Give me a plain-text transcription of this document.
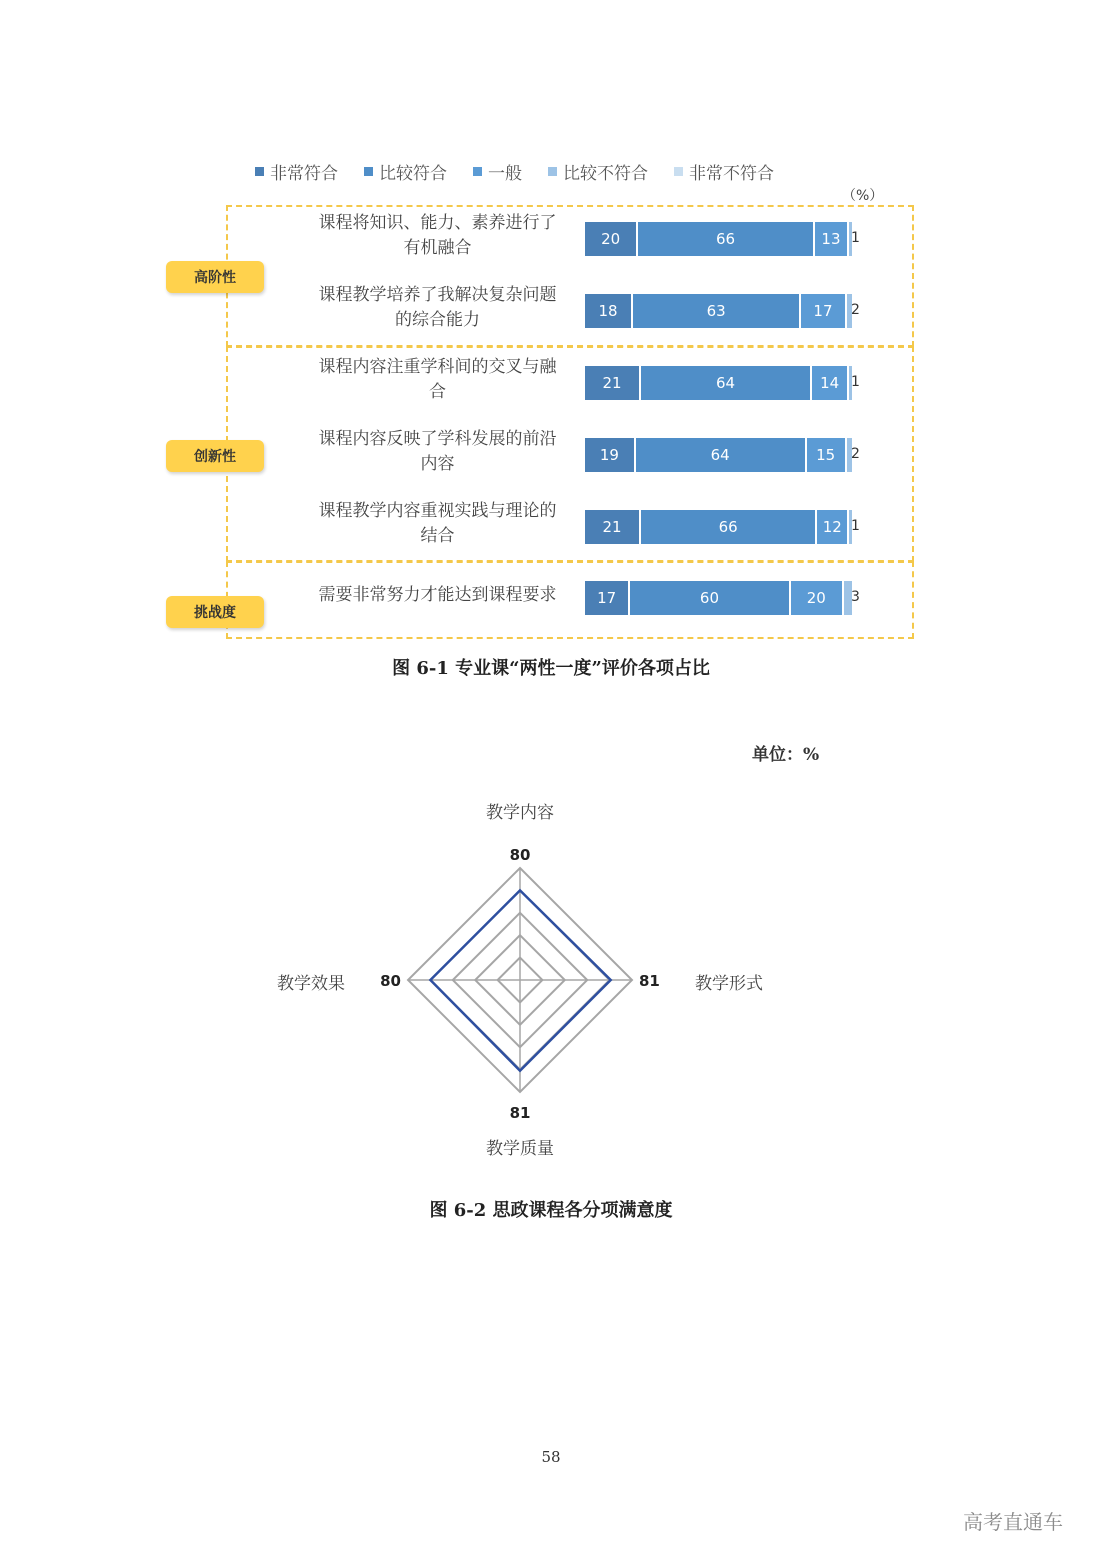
非常符合 比较符合 一般 比较不符合 非常不符合
（%）
高阶性
创新性
挑战度
课程将知识、能力、素养进行了
有机融合	20	66	13 1
课程教学培养了我解决复杂问题
的综合能力	18	63	17	2
课程内容注重学科间的交叉与融
合	21	64	14 1
课程内容反映了学科发展的前沿
内容	19	64	15	2
课程教学内容重视实践与理论的
结合	21	66	12 1
需要非常努力才能达到课程要求	17	60	20	3
图 6-1 专业课“两性一度”评价各项占比
单位：%
80
81
81
80
教学内容
教学形式
教学质量
教学效果
图 6-2 思政课程各分项满意度
58
高考直通车
